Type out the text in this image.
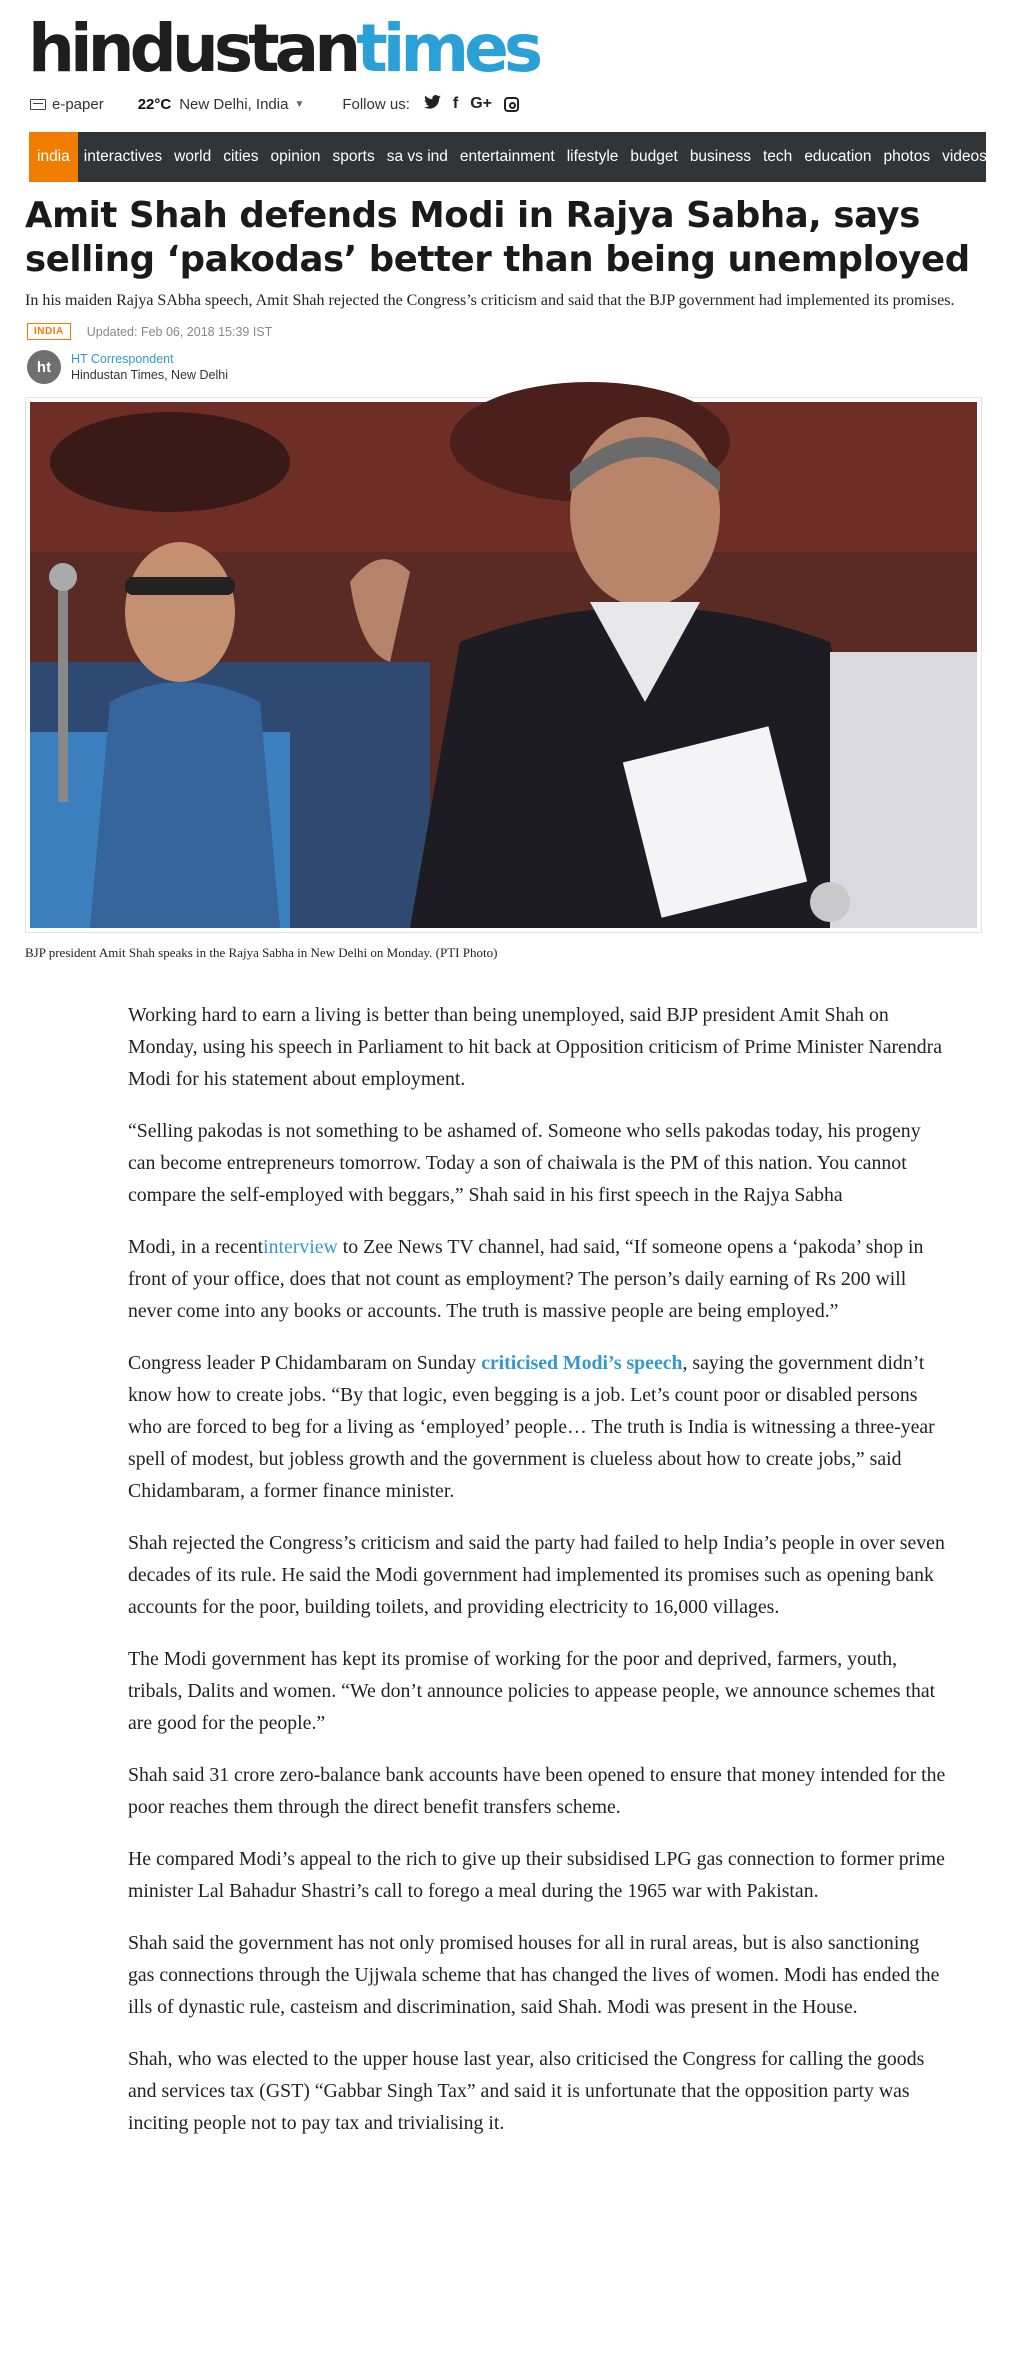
hindustantimes
e-paper 22°C New Delhi, India ▼	Follow us:	f G+
india interactives world cities opinion sports sa vs ind entertainment lifestyle budget business tech education photos videos ••
Amit Shah defends Modi in Rajya Sabha, says selling ‘pakodas’ better than being unemployed

In his maiden Rajya SAbha speech, Amit Shah rejected the Congress’s criticism and said that the BJP government had implemented its promises.

INDIA	Updated: Feb 06, 2018 15:39 IST
ht	HT Correspondent
Hindustan Times, New Delhi
BJP president Amit Shah speaks in the Rajya Sabha in New Delhi on Monday. (PTI Photo)

Working hard to earn a living is better than being unemployed, said BJP president Amit Shah on Monday, using his speech in Parliament to hit back at Opposition criticism of Prime Minister Narendra Modi for his statement about employment.

“Selling pakodas is not something to be ashamed of. Someone who sells pakodas today, his progeny can become entrepreneurs tomorrow. Today a son of chaiwala is the PM of this nation. You cannot compare the self-employed with beggars,” Shah said in his first speech in the Rajya Sabha

Modi, in a recentinterview to Zee News TV channel, had said, “If someone opens a ‘pakoda’ shop in front of your office, does that not count as employment? The person’s daily earning of Rs 200 will never come into any books or accounts. The truth is massive people are being employed.”

Congress leader P Chidambaram on Sunday criticised Modi’s speech, saying the government didn’t know how to create jobs. “By that logic, even begging is a job. Let’s count poor or disabled persons who are forced to beg for a living as ‘employed’ people… The truth is India is witnessing a three-year spell of modest, but jobless growth and the government is clueless about how to create jobs,” said Chidambaram, a former finance minister.

Shah rejected the Congress’s criticism and said the party had failed to help India’s people in over seven decades of its rule. He said the Modi government had implemented its promises such as opening bank accounts for the poor, building toilets, and providing electricity to 16,000 villages.

The Modi government has kept its promise of working for the poor and deprived, farmers, youth, tribals, Dalits and women. “We don’t announce policies to appease people, we announce schemes that are good for the people.”

Shah said 31 crore zero-balance bank accounts have been opened to ensure that money intended for the poor reaches them through the direct benefit transfers scheme.

He compared Modi’s appeal to the rich to give up their subsidised LPG gas connection to former prime minister Lal Bahadur Shastri’s call to forego a meal during the 1965 war with Pakistan.

Shah said the government has not only promised houses for all in rural areas, but is also sanctioning gas connections through the Ujjwala scheme that has changed the lives of women. Modi has ended the ills of dynastic rule, casteism and discrimination, said Shah. Modi was present in the House.

Shah, who was elected to the upper house last year, also criticised the Congress for calling the goods and services tax (GST) “Gabbar Singh Tax” and said it is unfortunate that the opposition party was inciting people not to pay tax and trivialising it.
